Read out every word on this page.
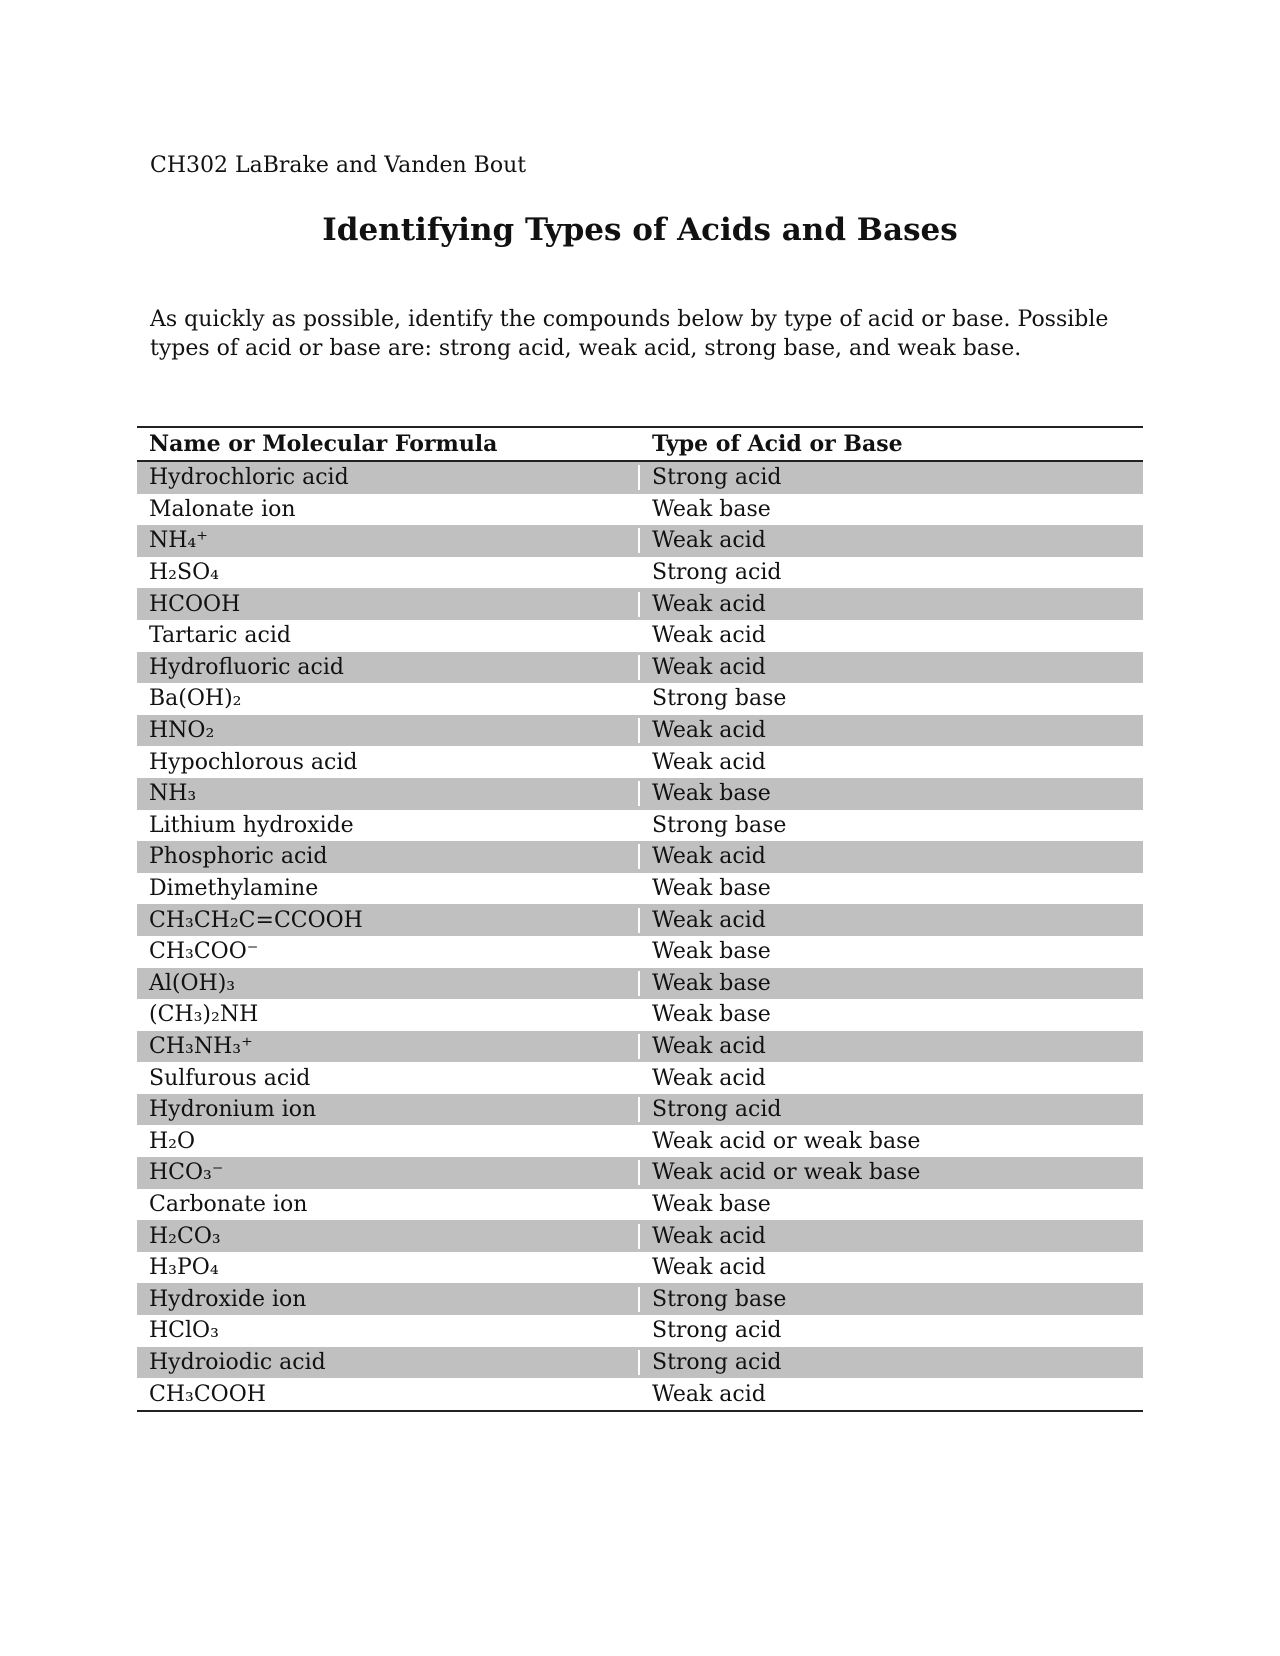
CH302 LaBrake and Vanden Bout
Identifying Types of Acids and Bases
As quickly as possible, identify the compounds below by type of acid or base. Possible types of acid or base are: strong acid, weak acid, strong base, and weak base.
Name or Molecular Formula	Type of Acid or Base
Hydrochloric acid	Strong acid
Malonate ion	Weak base
NH₄⁺	Weak acid
H₂SO₄	Strong acid
HCOOH	Weak acid
Tartaric acid	Weak acid
Hydrofluoric acid	Weak acid
Ba(OH)₂	Strong base
HNO₂	Weak acid
Hypochlorous acid	Weak acid
NH₃	Weak base
Lithium hydroxide	Strong base
Phosphoric acid	Weak acid
Dimethylamine	Weak base
CH₃CH₂C=CCOOH	Weak acid
CH₃COO⁻	Weak base
Al(OH)₃	Weak base
(CH₃)₂NH	Weak base
CH₃NH₃⁺	Weak acid
Sulfurous acid	Weak acid
Hydronium ion	Strong acid
H₂O	Weak acid or weak base
HCO₃⁻	Weak acid or weak base
Carbonate ion	Weak base
H₂CO₃	Weak acid
H₃PO₄	Weak acid
Hydroxide ion	Strong base
HClO₃	Strong acid
Hydroiodic acid	Strong acid
CH₃COOH	Weak acid
